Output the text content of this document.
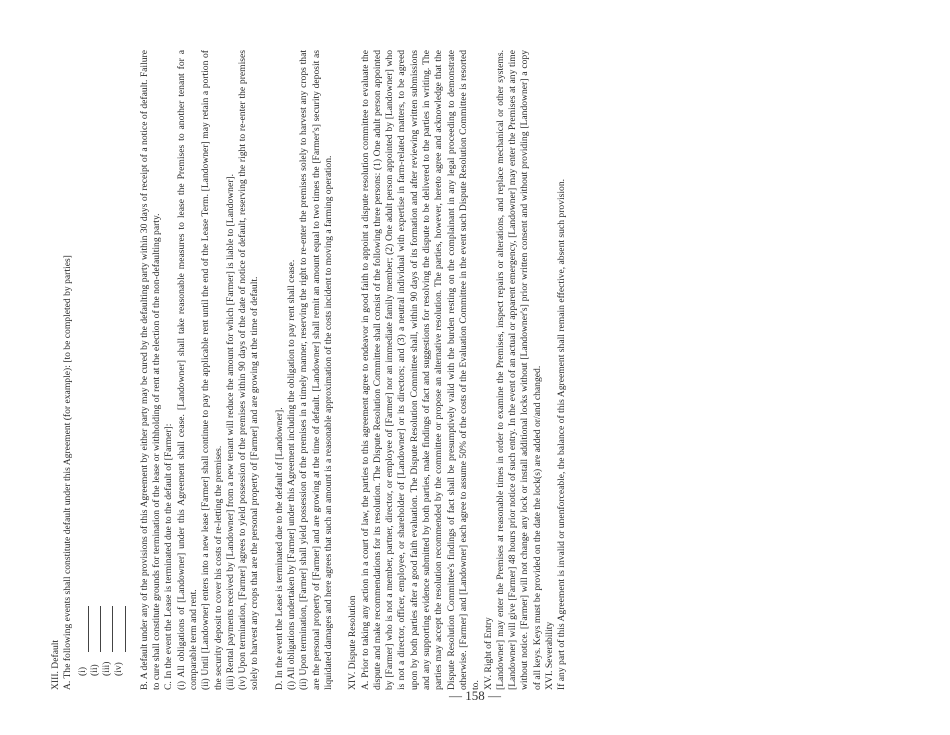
XIII. Default A. The following events shall constitute default under this Agreement (for example): [to be completed by parties] (i) (ii) (iii) (iv) B. A default under any of the provisions of this Agreement by either party may be cured by the defaulting party within 30 days of receipt of a notice of default. Failure to cure shall constitute grounds for termination of the lease or withholding of rent at the election of the non-defaulting party. C. In the event the Lease is terminated due to the default of [Farmer]: (i) All obligations of [Landowner] under this Agreement shall cease. [Landowner] shall take reasonable measures to lease the Premises to another tenant for a comparable term and rent. (ii) Until [Landowner] enters into a new lease [Farmer] shall continue to pay the applicable rent until the end of the Lease Term. [Landowner] may retain a portion of the security deposit to cover his costs of re-letting the premises. (iii) Rental payments received by [Landowner] from a new tenant will reduce the amount for which [Farmer] is liable to [Landowner]. (iv) Upon termination, [Farmer] agrees to yield possession of the premises within 90 days of the date of notice of default, reserving the right to re-enter the premises solely to harvest any crops that are the personal property of [Farmer] and are growing at the time of default. D. In the event the Lease is terminated due to the default of [Landowner]. (i) All obligations undertaken by [Farmer] under this Agreement including the obligation to pay rent shall cease. (ii) Upon termination, [Farmer] shall yield possession of the premises in a timely manner, reserving the right to re-enter the premises solely to harvest any crops that are the personal property of [Farmer] and are growing at the time of default. [Landowner] shall remit an amount equal to two times the [Farmer's] security deposit as liquidated damages and here agrees that such an amount is a reasonable approximation of the costs incident to moving a farming operation. XIV. Dispute Resolution A. Prior to taking any action in a court of law, the parties to this agreement agree to endeavor in good faith to appoint a dispute resolution committee to evaluate the dispute and make recommendations for its resolution. The Dispute Resolution Committee shall consist of the following three persons: (1) One adult person appointed by [Farmer] who is not a member, partner, director, or employee of [Farmer] nor an immediate family member; (2) One adult person appointed by [Landowner] who is not a director, officer, employee, or shareholder of [Landowner] or its directors; and (3) a neutral individual with expertise in farm-related matters, to be agreed upon by both parties after a good faith evaluation. The Dispute Resolution Committee shall, within 90 days of its formation and after reviewing written submissions and any supporting evidence submitted by both parties, make findings of fact and suggestions for resolving the dispute to be delivered to the parties in writing. The parties may accept the resolution recommended by the committee or propose an alternative resolution. The parties, however, hereto agree and acknowledge that the Dispute Resolution Committee's findings of fact shall be presumptively valid with the burden resting on the complainant in any legal proceeding to demonstrate otherwise. [Farmer] and [Landowner] each agree to assume 50% of the costs of the Evaluation Committee in the event such Dispute Resolution Committee is resorted to. XV. Right of Entry [Landowner] may enter the Premises at reasonable times in order to examine the Premises, inspect repairs or alterations, and replace mechanical or other systems. [Landowner] will give [Farmer] 48 hours prior notice of such entry. In the event of an actual or apparent emergency, [Landowner] may enter the Premises at any time without notice. [Farmer] will not change any lock or install additional locks without [Landowner's] prior written consent and without providing [Landowner] a copy of all keys. Keys must be provided on the date the lock(s) are added or/and changed. XVI. Severability If any part of this Agreement is invalid or unenforceable, the balance of this Agreement shall remain effective, absent such provision.

— 158 —
